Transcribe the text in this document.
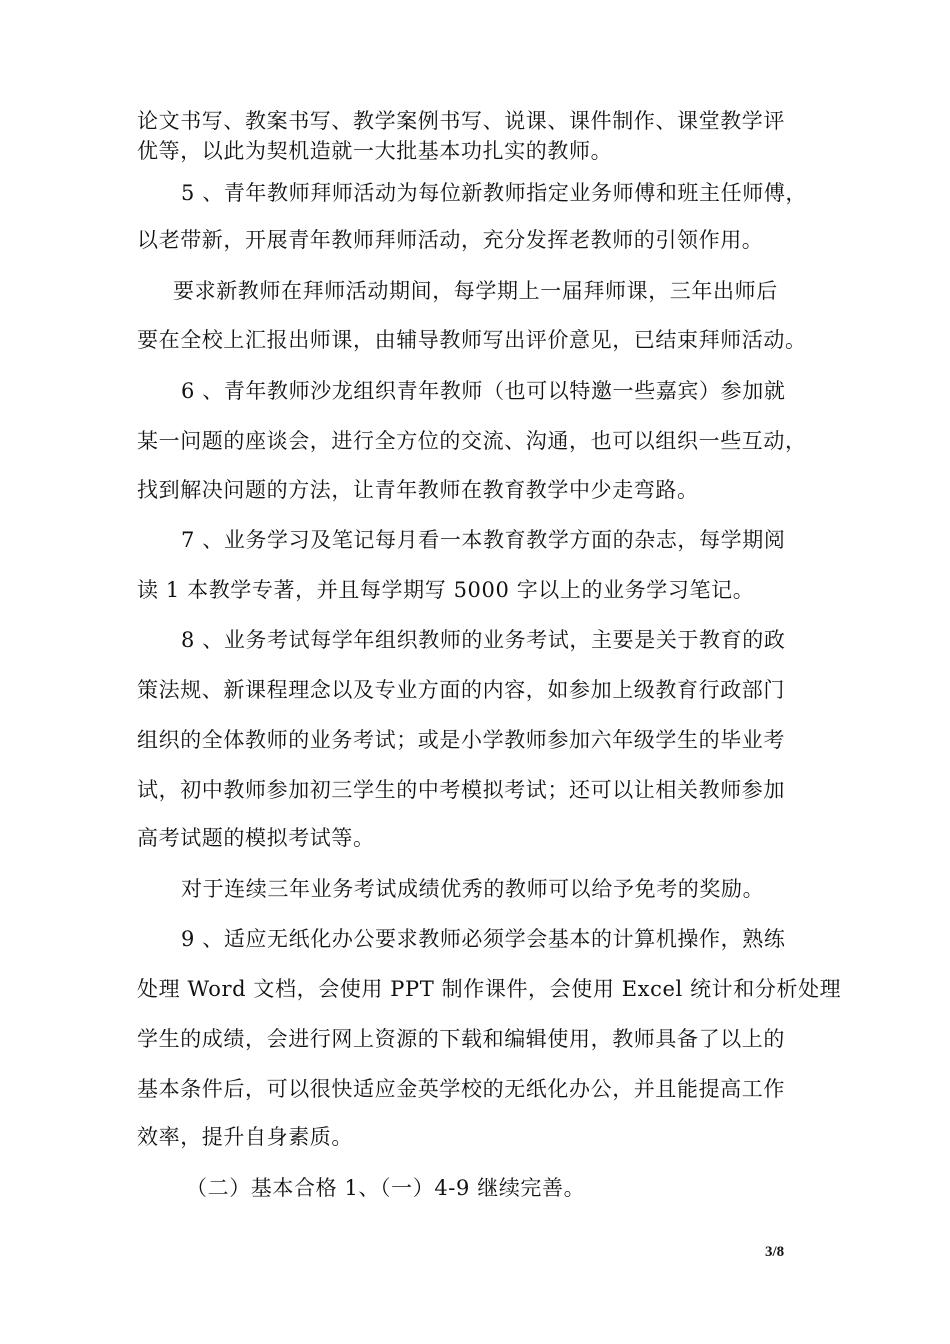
论文书写、教案书写、教学案例书写、说课、课件制作、课堂教学评
优等，以此为契机造就一大批基本功扎实的教师。
5 、青年教师拜师活动为每位新教师指定业务师傅和班主任师傅，
以老带新，开展青年教师拜师活动，充分发挥老教师的引领作用。
要求新教师在拜师活动期间，每学期上一届拜师课，三年出师后
要在全校上汇报出师课，由辅导教师写出评价意见，已结束拜师活动。
6 、青年教师沙龙组织青年教师（也可以特邀一些嘉宾）参加就
某一问题的座谈会，进行全方位的交流、沟通，也可以组织一些互动，
找到解决问题的方法，让青年教师在教育教学中少走弯路。
7 、业务学习及笔记每月看一本教育教学方面的杂志，每学期阅
读 1 本教学专著，并且每学期写 5000 字以上的业务学习笔记。
8 、业务考试每学年组织教师的业务考试，主要是关于教育的政
策法规、新课程理念以及专业方面的内容，如参加上级教育行政部门
组织的全体教师的业务考试；或是小学教师参加六年级学生的毕业考
试，初中教师参加初三学生的中考模拟考试；还可以让相关教师参加
高考试题的模拟考试等。
对于连续三年业务考试成绩优秀的教师可以给予免考的奖励。
9 、适应无纸化办公要求教师必须学会基本的计算机操作，熟练
处理 Word 文档，会使用 PPT 制作课件，会使用 Excel 统计和分析处理
学生的成绩，会进行网上资源的下载和编辑使用，教师具备了以上的
基本条件后，可以很快适应金英学校的无纸化办公，并且能提高工作
效率，提升自身素质。
（二）基本合格 1、（一）4-9 继续完善。
3/8
